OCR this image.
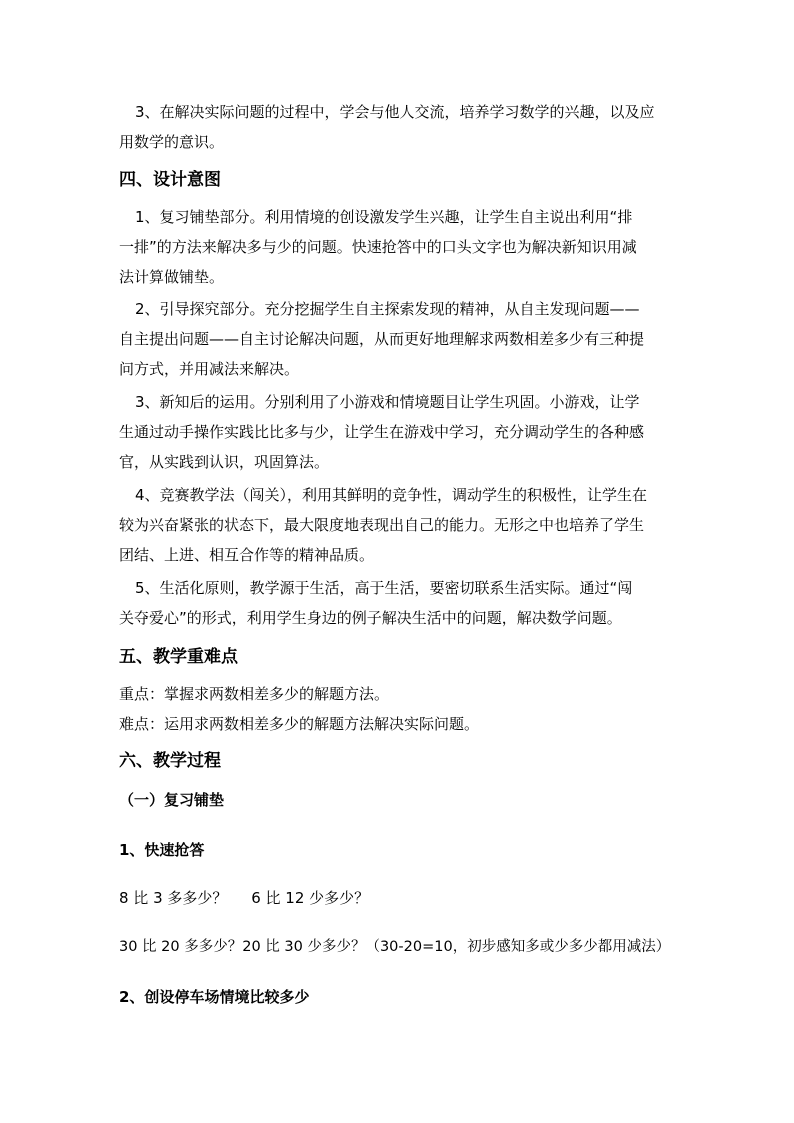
3、在解决实际问题的过程中，学会与他人交流，培养学习数学的兴趣，以及应
用数学的意识。
四、设计意图
1、复习铺垫部分。利用情境的创设激发学生兴趣，让学生自主说出利用“排
一排”的方法来解决多与少的问题。快速抢答中的口头文字也为解决新知识用减
法计算做铺垫。
2、引导探究部分。充分挖掘学生自主探索发现的精神，从自主发现问题——
自主提出问题——自主讨论解决问题，从而更好地理解求两数相差多少有三种提
问方式，并用减法来解决。
3、新知后的运用。分别利用了小游戏和情境题目让学生巩固。小游戏，让学
生通过动手操作实践比比多与少，让学生在游戏中学习，充分调动学生的各种感
官，从实践到认识，巩固算法。
4、竞赛教学法（闯关），利用其鲜明的竞争性，调动学生的积极性，让学生在
较为兴奋紧张的状态下，最大限度地表现出自己的能力。无形之中也培养了学生
团结、上进、相互合作等的精神品质。
5、生活化原则，教学源于生活，高于生活，要密切联系生活实际。通过“闯
关夺爱心”的形式，利用学生身边的例子解决生活中的问题，解决数学问题。
五、教学重难点
重点：掌握求两数相差多少的解题方法。
难点：运用求两数相差多少的解题方法解决实际问题。
六、教学过程
（一）复习铺垫
1、快速抢答
8 比 3 多多少？     6 比 12 少多少？
30 比 20 多多少？20 比 30 少多少？（30-20=10，初步感知多或少多少都用减法）
2、创设停车场情境比较多少
